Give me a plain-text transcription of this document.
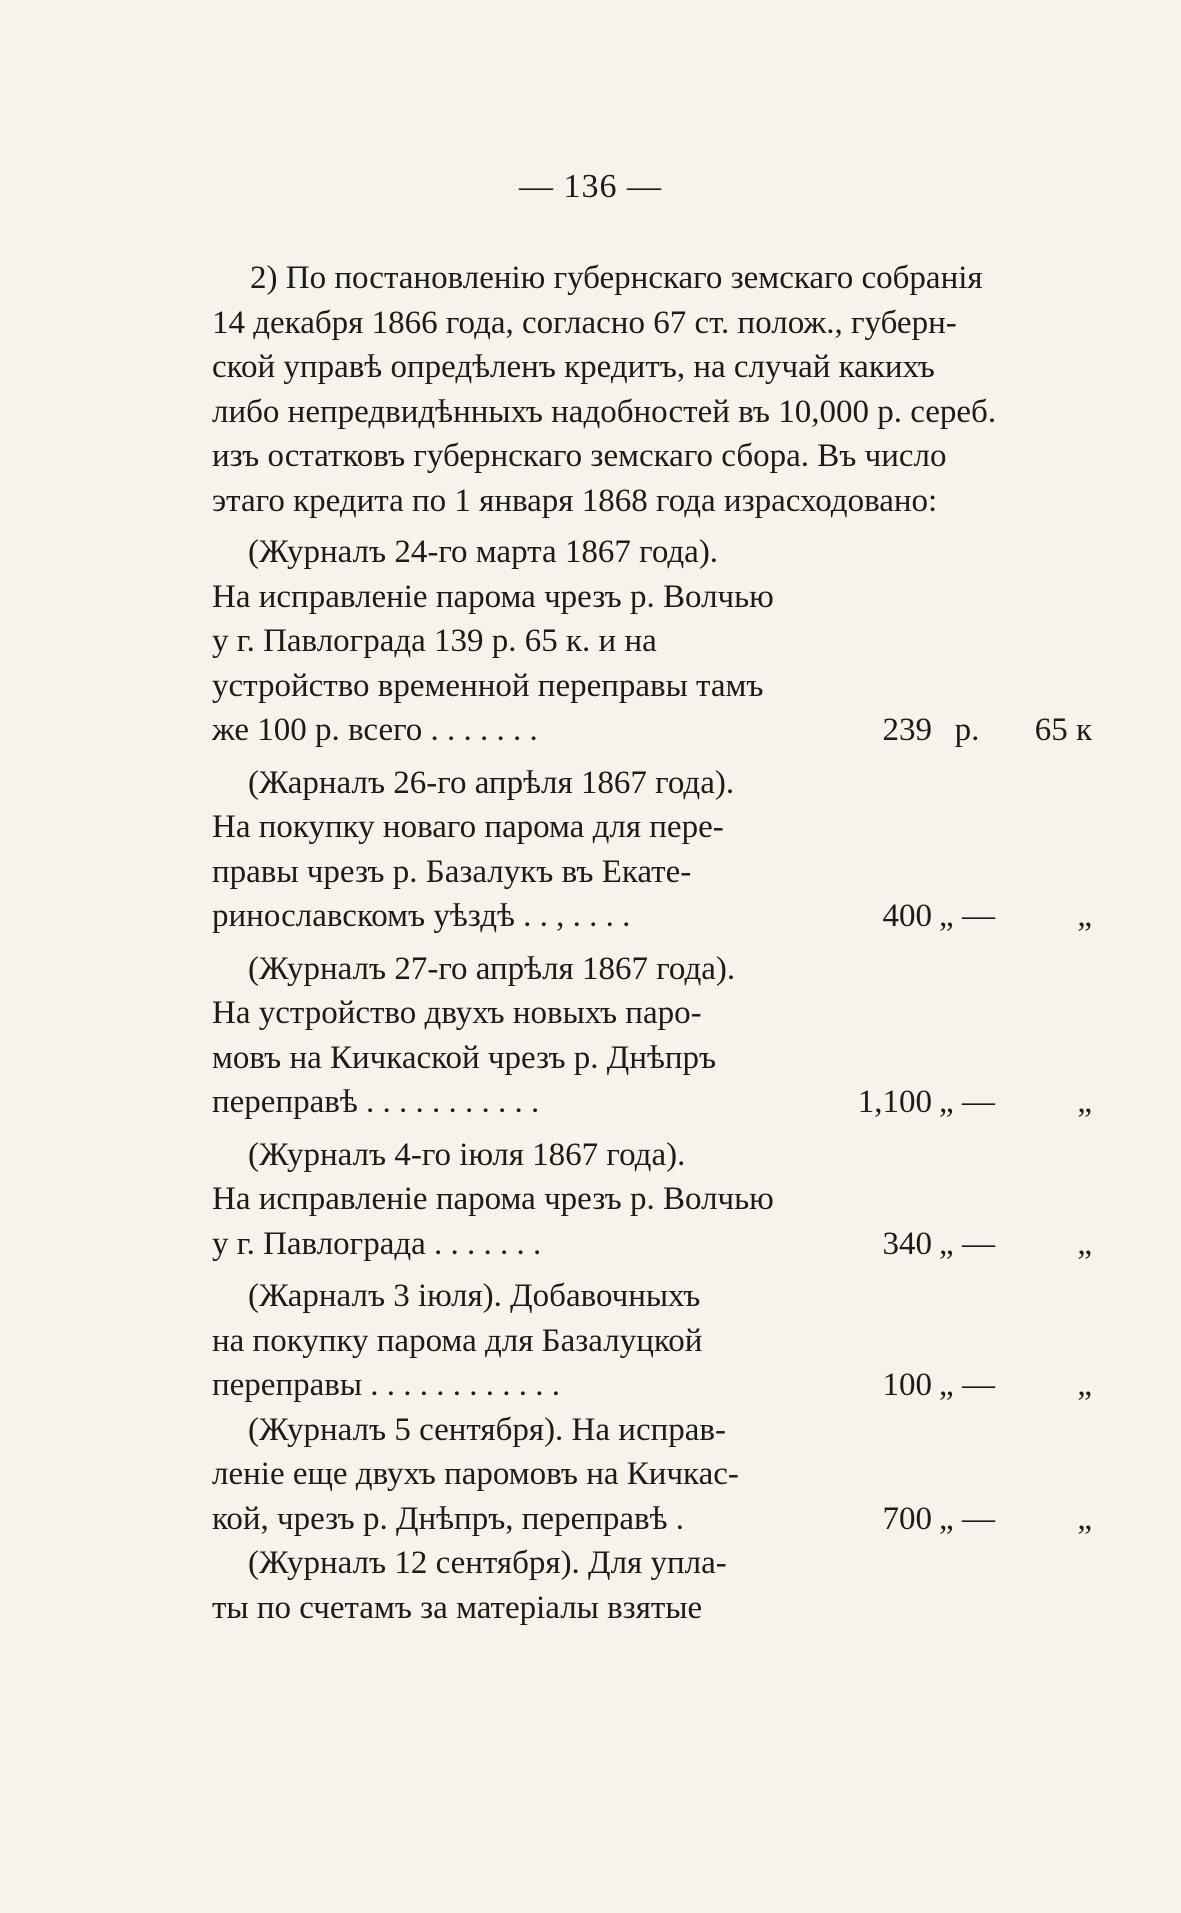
— 136 —
2) По постановленію губернскаго земскаго собранія
14 декабря 1866 года, согласно 67 ст. полож., губерн-
ской управѣ опредѣленъ кредитъ, на случай какихъ
либо непредвидѣнныхъ надобностей въ 10,000 р. сереб.
изъ остатковъ губернскаго земскаго сбора. Въ число
этаго кредита по 1 января 1868 года израсходовано:
(Журналъ 24-го марта 1867 года).
На исправленіе парома чрезъ р. Волчью
у г. Павлограда 139 р. 65 к. и на
устройство временной переправы тамъ
же 100 р. всего . . . . . . .	239 р.	65 к
(Жарналъ 26-го апрѣля 1867 года).
На покупку новаго парома для пере-
правы чрезъ р. Базалукъ въ Екате-
ринославскомъ уѣздѣ . . , . . . .	400 „ —	„
(Журналъ 27-го апрѣля 1867 года).
На устройство двухъ новыхъ паро-
мовъ на Кичкаской чрезъ р. Днѣпръ
переправѣ . . . . . . . . . . .	1,100 „ —	„
(Журналъ 4-го іюля 1867 года).
На исправленіе парома чрезъ р. Волчью
у г. Павлограда . . . . . . .	340 „ —	„
(Жарналъ 3 іюля). Добавочныхъ
на покупку парома для Базалуцкой
переправы . . . . . . . . . . . .	100 „ —	„
(Журналъ 5 сентября). На исправ-
леніе еще двухъ паромовъ на Кичкас-
кой, чрезъ р. Днѣпръ, переправѣ .	700 „ —	„
(Журналъ 12 сентября). Для упла-
ты по счетамъ за матеріалы взятые
